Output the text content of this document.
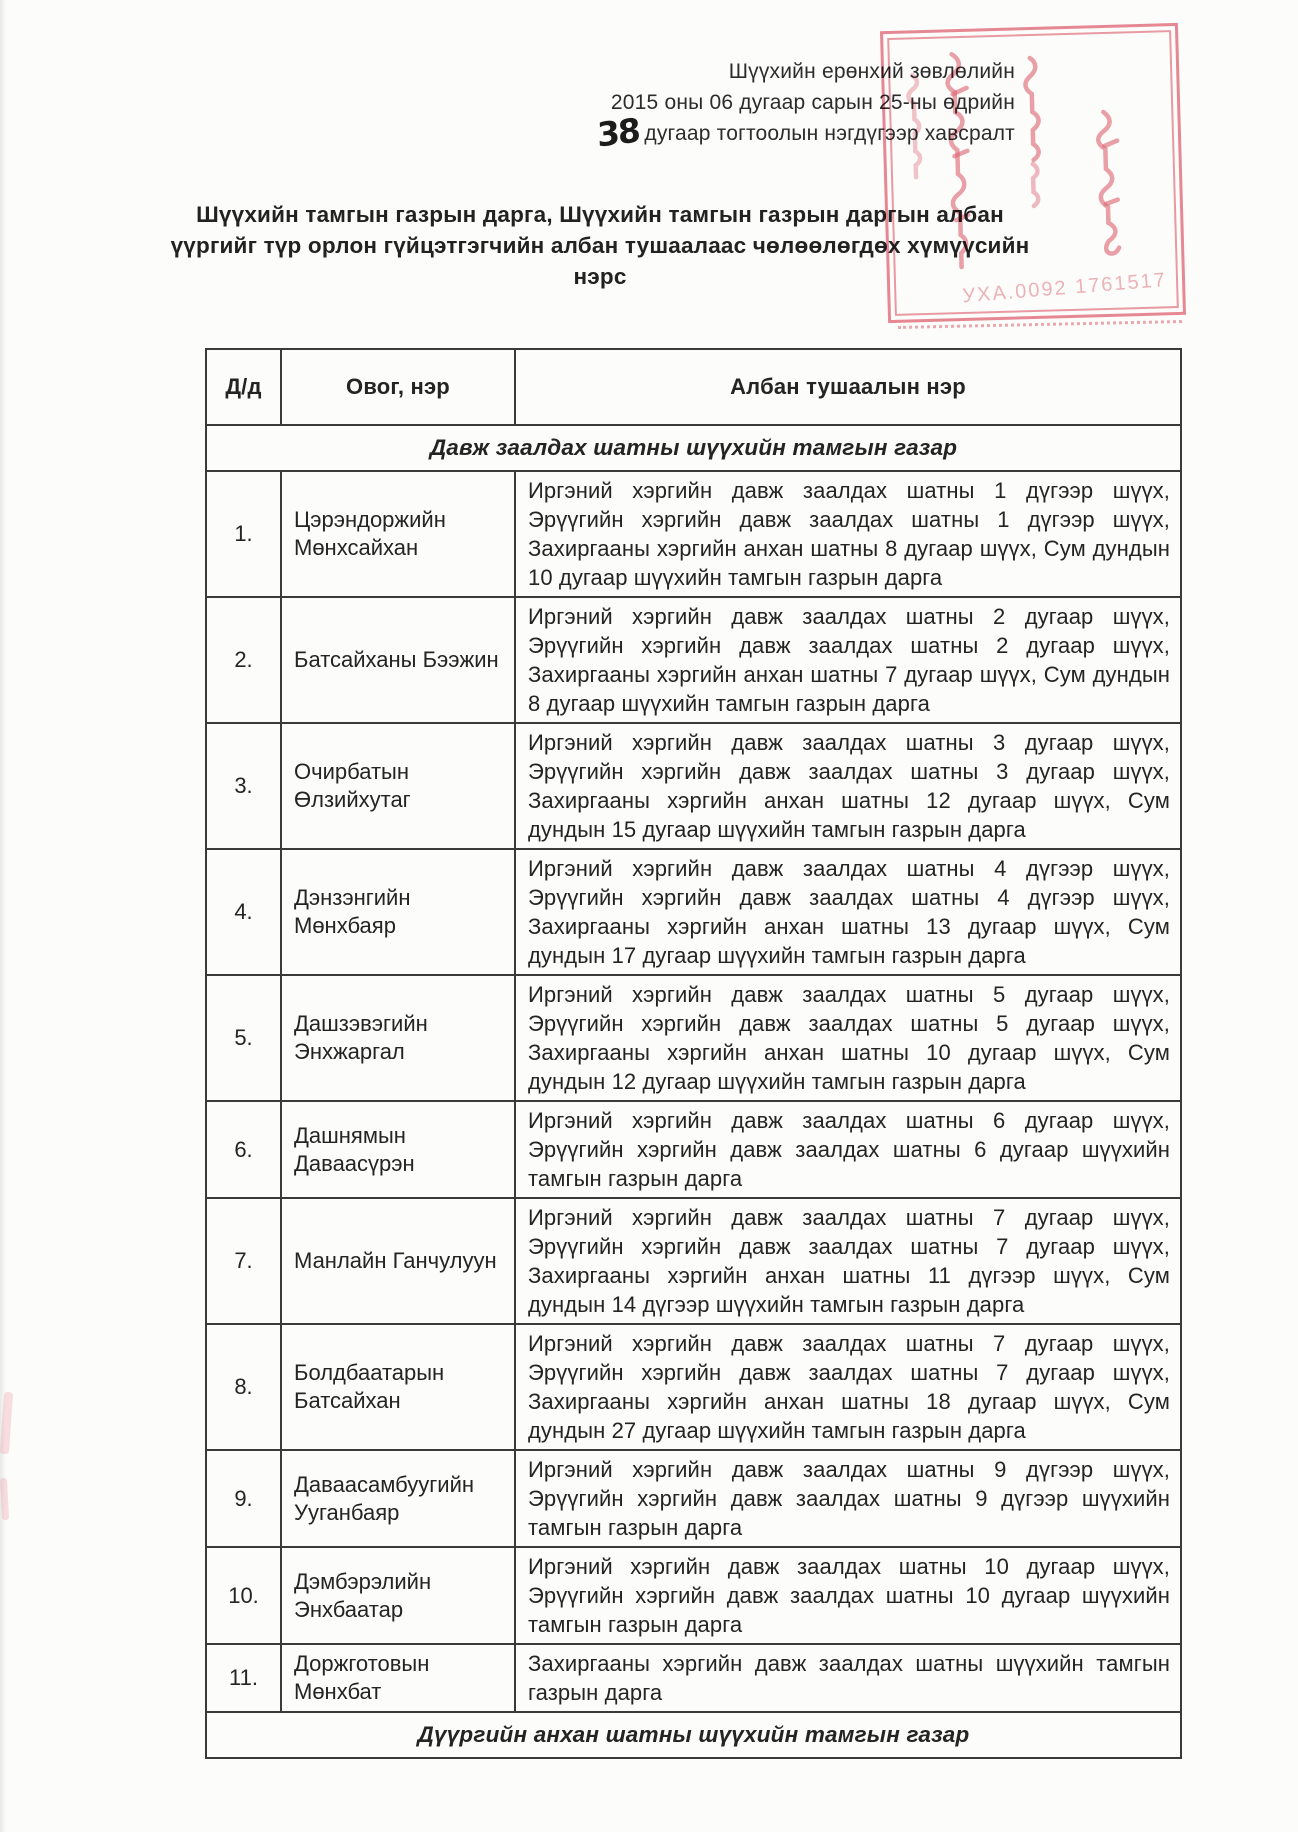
Шүүхийн ерөнхий зөвлөлийн
2015 оны 06 дугаар сарын 25-ны өдрийн
38 дугаар тогтоолын нэгдүгээр хавсралт
Шүүхийн тамгын газрын дарга, Шүүхийн тамгын газрын даргын албан үүргийг түр орлон гүйцэтгэгчийн албан тушаалаас чөлөөлөгдөх хүмүүсийн нэрс	УХА.0092 1761517
Д/д	Овог, нэр	Албан тушаалын нэр
Давж заалдах шатны шүүхийн тамгын газар		
1.	Цэрэндоржийн Мөнхсайхан	Иргэний хэргийн давж заалдах шатны 1 дүгээр шүүх, Эрүүгийн хэргийн давж заалдах шатны 1 дүгээр шүүх, Захиргааны хэргийн анхан шатны 8 дугаар шүүх, Сум дундын 10 дугаар шүүхийн тамгын газрын дарга
2.	Батсайханы Бээжин	Иргэний хэргийн давж заалдах шатны 2 дугаар шүүх, Эрүүгийн хэргийн давж заалдах шатны 2 дугаар шүүх, Захиргааны хэргийн анхан шатны 7 дугаар шүүх, Сум дундын 8 дугаар шүүхийн тамгын газрын дарга
3.	Очирбатын Өлзийхутаг	Иргэний хэргийн давж заалдах шатны 3 дугаар шүүх, Эрүүгийн хэргийн давж заалдах шатны 3 дугаар шүүх, Захиргааны хэргийн анхан шатны 12 дугаар шүүх, Сум дундын 15 дугаар шүүхийн тамгын газрын дарга
4.	Дэнзэнгийн Мөнхбаяр	Иргэний хэргийн давж заалдах шатны 4 дүгээр шүүх, Эрүүгийн хэргийн давж заалдах шатны 4 дүгээр шүүх, Захиргааны хэргийн анхан шатны 13 дугаар шүүх, Сум дундын 17 дугаар шүүхийн тамгын газрын дарга
5.	Дашзэвэгийн Энхжаргал	Иргэний хэргийн давж заалдах шатны 5 дугаар шүүх, Эрүүгийн хэргийн давж заалдах шатны 5 дугаар шүүх, Захиргааны хэргийн анхан шатны 10 дугаар шүүх, Сум дундын 12 дугаар шүүхийн тамгын газрын дарга
6.	Дашнямын Даваасүрэн	Иргэний хэргийн давж заалдах шатны 6 дугаар шүүх, Эрүүгийн хэргийн давж заалдах шатны 6 дугаар шүүхийн тамгын газрын дарга
7.	Манлайн Ганчулуун	Иргэний хэргийн давж заалдах шатны 7 дугаар шүүх, Эрүүгийн хэргийн давж заалдах шатны 7 дугаар шүүх, Захиргааны хэргийн анхан шатны 11 дүгээр шүүх, Сум дундын 14 дүгээр шүүхийн тамгын газрын дарга
8.	Болдбаатарын Батсайхан	Иргэний хэргийн давж заалдах шатны 7 дугаар шүүх, Эрүүгийн хэргийн давж заалдах шатны 7 дугаар шүүх, Захиргааны хэргийн анхан шатны 18 дугаар шүүх, Сум дундын 27 дугаар шүүхийн тамгын газрын дарга
9.	Даваасамбуугийн Ууганбаяр	Иргэний хэргийн давж заалдах шатны 9 дүгээр шүүх, Эрүүгийн хэргийн давж заалдах шатны 9 дүгээр шүүхийн тамгын газрын дарга
10.	Дэмбэрэлийн Энхбаатар	Иргэний хэргийн давж заалдах шатны 10 дугаар шүүх, Эрүүгийн хэргийн давж заалдах шатны 10 дугаар шүүхийн тамгын газрын дарга
11.	Доржготовын Мөнхбат	Захиргааны хэргийн давж заалдах шатны шүүхийн тамгын газрын дарга
Дүүргийн анхан шатны шүүхийн тамгын газар		
